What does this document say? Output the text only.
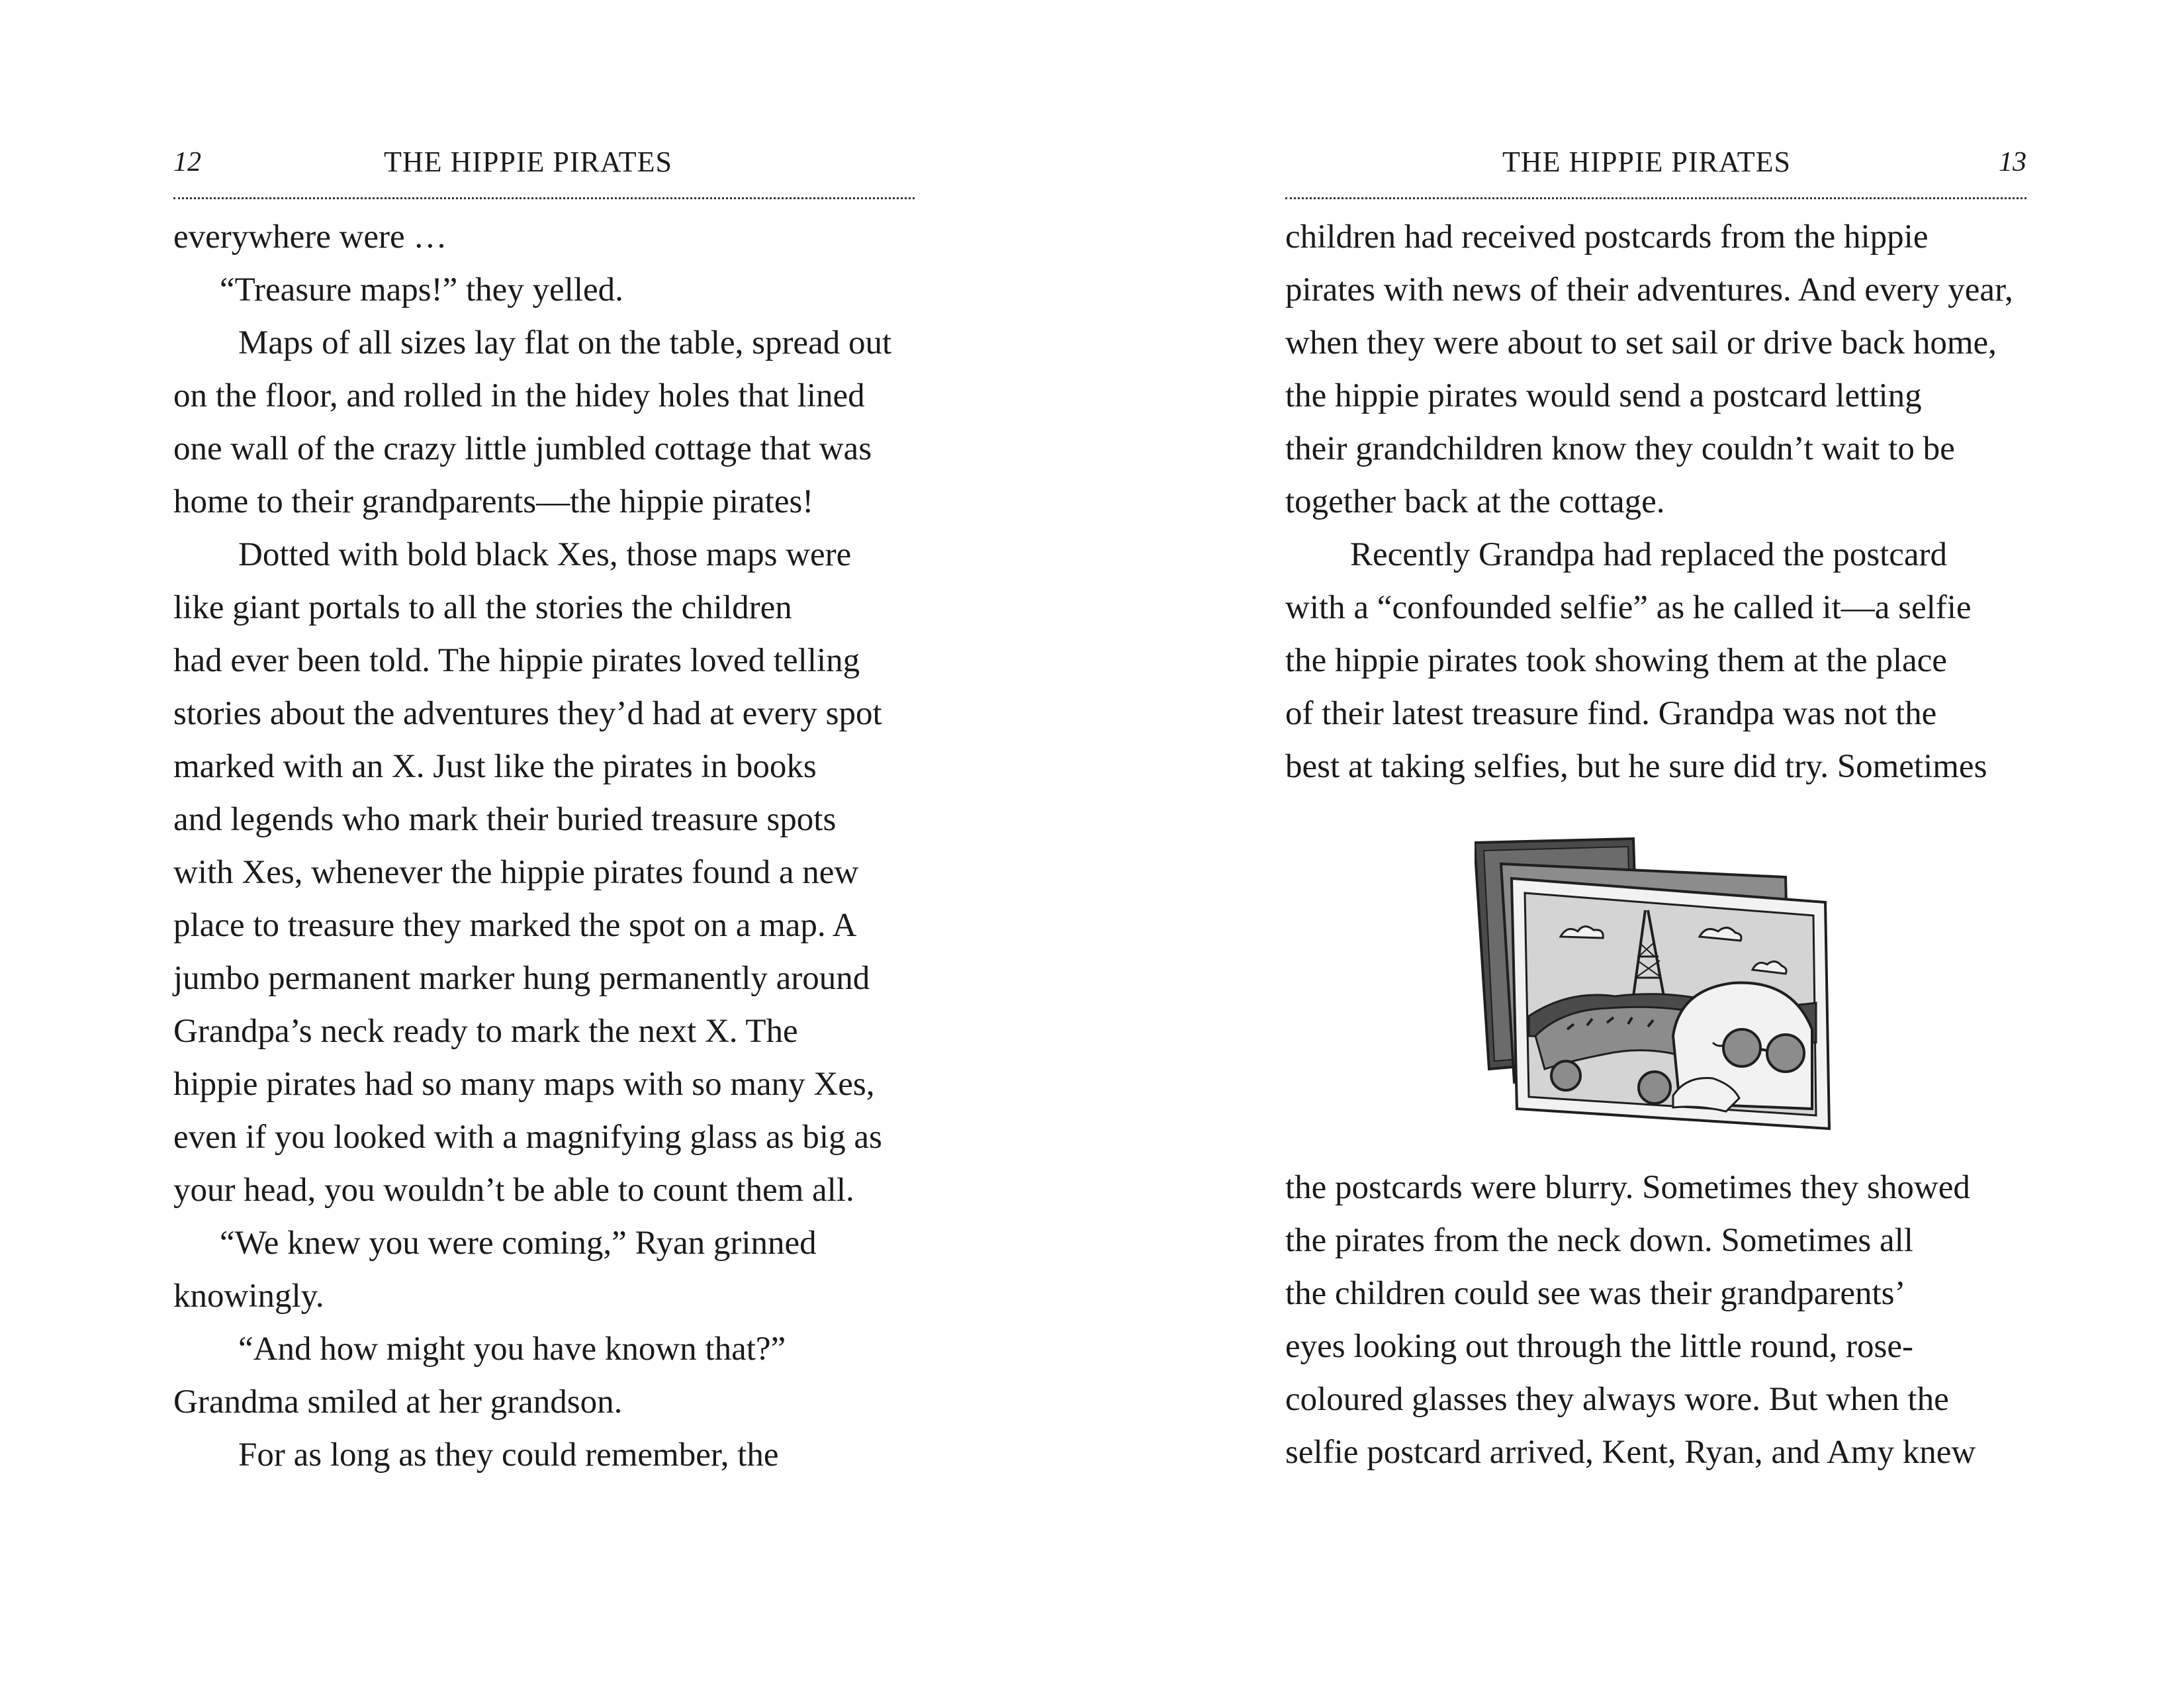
12	THE HIPPIE PIRATES
everywhere were …
“Treasure maps!” they yelled.
Maps of all sizes lay flat on the table, spread out
on the floor, and rolled in the hidey holes that lined
one wall of the crazy little jumbled cottage that was
home to their grandparents—the hippie pirates!
Dotted with bold black Xes, those maps were
like giant portals to all the stories the children
had ever been told. The hippie pirates loved telling
stories about the adventures they’d had at every spot
marked with an X. Just like the pirates in books
and legends who mark their buried treasure spots
with Xes, whenever the hippie pirates found a new
place to treasure they marked the spot on a map. A
jumbo permanent marker hung permanently around
Grandpa’s neck ready to mark the next X. The
hippie pirates had so many maps with so many Xes,
even if you looked with a magnifying glass as big as
your head, you wouldn’t be able to count them all.
“We knew you were coming,” Ryan grinned
knowingly.
“And how might you have known that?”
Grandma smiled at her grandson.
For as long as they could remember, the
THE HIPPIE PIRATES	13
children had received postcards from the hippie
pirates with news of their adventures. And every year,
when they were about to set sail or drive back home,
the hippie pirates would send a postcard letting
their grandchildren know they couldn’t wait to be
together back at the cottage.
Recently Grandpa had replaced the postcard
with a “confounded selfie” as he called it—a selfie
the hippie pirates took showing them at the place
of their latest treasure find. Grandpa was not the
best at taking selfies, but he sure did try. Sometimes
the postcards were blurry. Sometimes they showed
the pirates from the neck down. Sometimes all
the children could see was their grandparents’
eyes looking out through the little round, rose-
coloured glasses they always wore. But when the
selfie postcard arrived, Kent, Ryan, and Amy knew
